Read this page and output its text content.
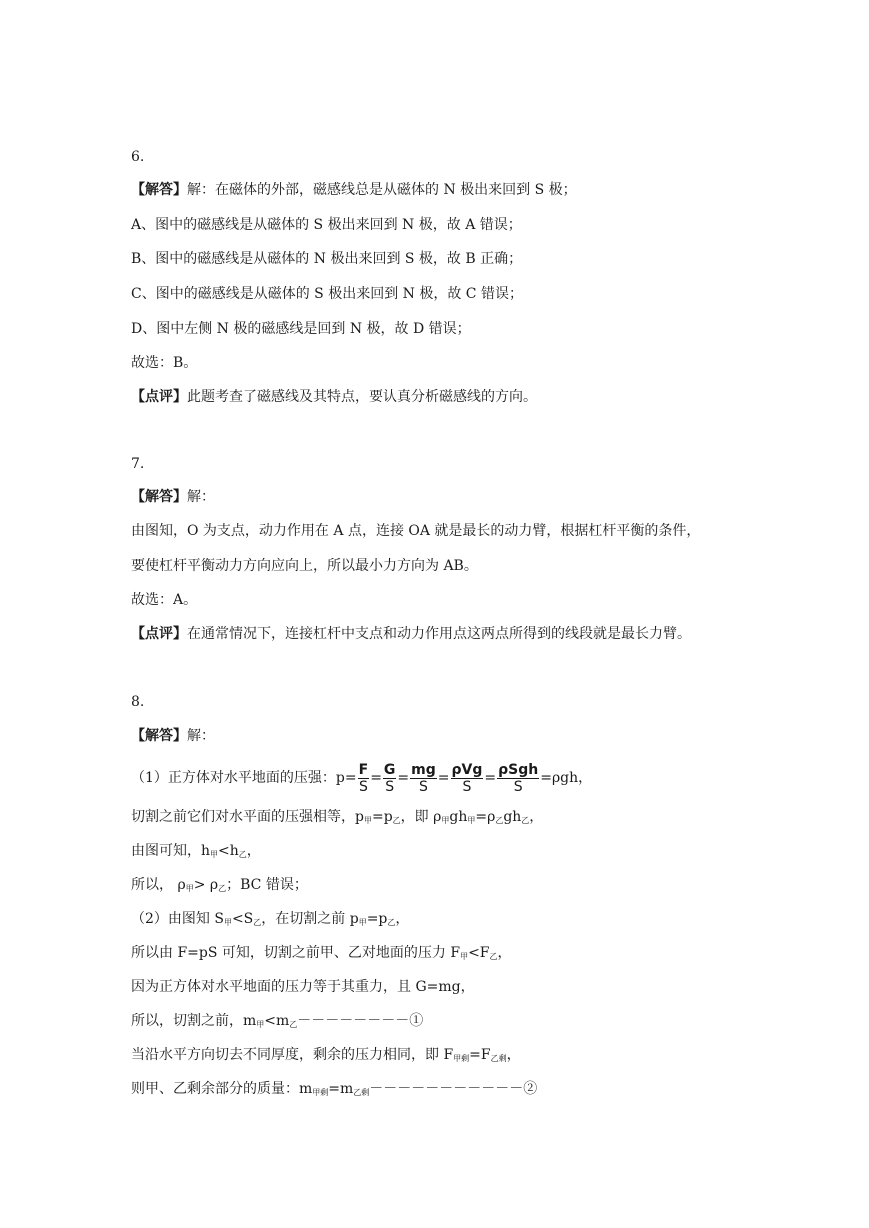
6.
【解答】解：在磁体的外部，磁感线总是从磁体的 N 极出来回到 S 极；
A、图中的磁感线是从磁体的 S 极出来回到 N 极，故 A 错误；
B、图中的磁感线是从磁体的 N 极出来回到 S 极，故 B 正确；
C、图中的磁感线是从磁体的 S 极出来回到 N 极，故 C 错误；
D、图中左侧 N 极的磁感线是回到 N 极，故 D 错误；
故选：B。
【点评】此题考查了磁感线及其特点，要认真分析磁感线的方向。
7.
【解答】解：
由图知，O 为支点，动力作用在 A 点，连接 OA 就是最长的动力臂，根据杠杆平衡的条件，
要使杠杆平衡动力方向应向上，所以最小力方向为 AB。
故选：A。
【点评】在通常情况下，连接杠杆中支点和动力作用点这两点所得到的线段就是最长力臂。
8.
【解答】解：
（1）正方体对水平地面的压强：$p= \frac{F}{S} = \frac{G}{S} = \frac{mg}{S} = \frac{\text{ρVg}}{S} = \frac{\text{ρSgh}}{S} =\rho gh$，
切割之前它们对水平面的压强相等，$p_甲=p_乙$，即 $\rho_甲gh_甲=\rho_乙gh_乙$，
由图可知，$h_甲<h_乙$，
所以， $\rho_甲> \rho_乙$；BC 错误；
（2）由图知 $S_甲<S_乙$，在切割之前 $p_甲=p_乙$，
所以由 F=pS 可知，切割之前甲、乙对地面的压力 $F_甲<F_乙$，
因为正方体对水平地面的压力等于其重力，且 G=mg，
所以，切割之前，$m_甲<m_乙--------①$
当沿水平方向切去不同厚度，剩余的压力相同，即 $F_{甲剩}=F_{乙剩}$，
则甲、乙剩余部分的质量：$m_{甲剩}=m_{乙剩}-----------②$
